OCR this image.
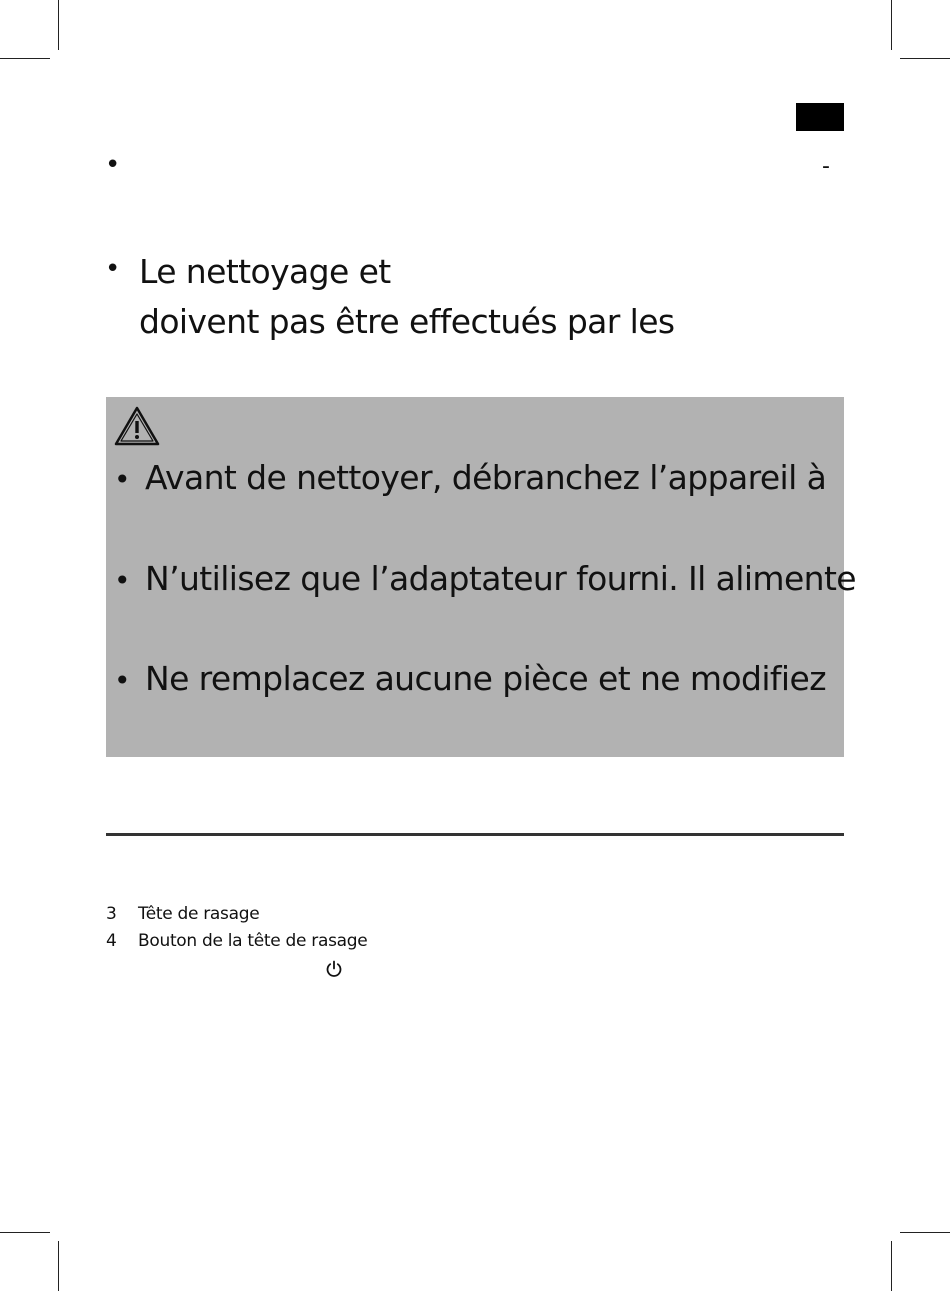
•	-
• Le nettoyage et
doivent pas être effectués par les
• Avant de nettoyer, débranchez l’appareil à
• N’utilisez que l’adaptateur fourni. Il alimente
• Ne remplacez aucune pièce et ne modifiez
3 Tête de rasage
4 Bouton de la tête de rasage
